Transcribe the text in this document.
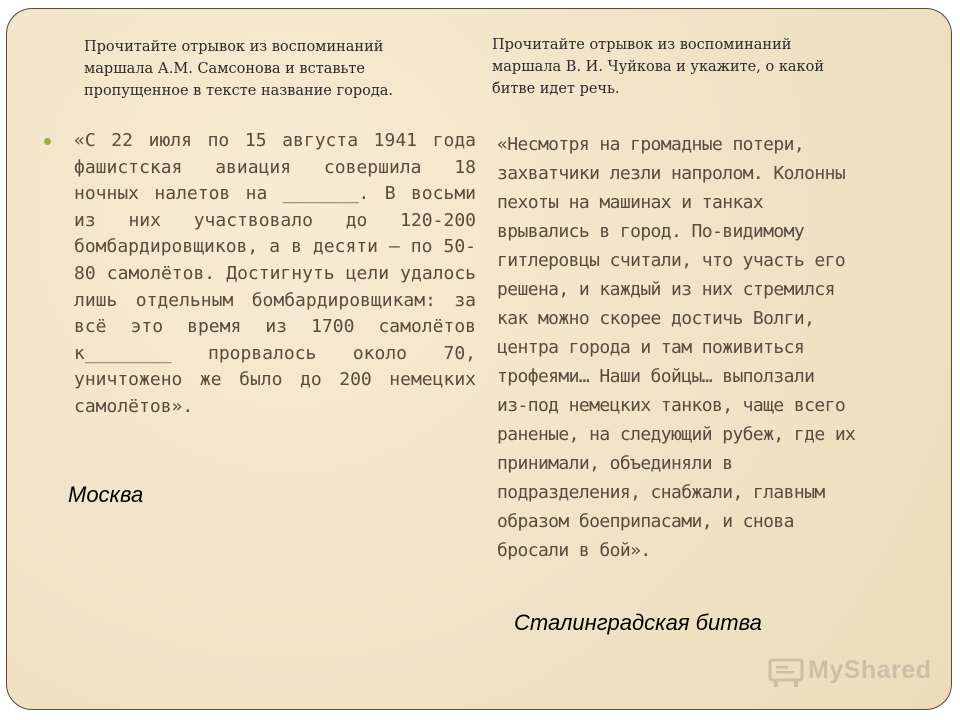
Прочитайте отрывок из воспоминаний
маршала А.М. Самсонова и вставьте
пропущенное в тексте название города.
Прочитайте отрывок из воспоминаний
маршала В. И. Чуйкова и укажите, о какой
битве идет речь.
«С 22 июля по 15 августа 1941 года фашистская авиация совершила 18 ночных налетов на _______. В восьми из них участвовало до 120-200 бомбардировщиков, а в десяти – по 50-80 самолётов. Достигнуть цели удалось лишь отдельным бомбардировщикам: за всё это время из 1700 самолётов к________ прорвалось около 70, уничтожено же было до 200 немецких самолётов».
«Несмотря на громадные потери,
захватчики лезли напролом. Колонны
пехоты на машинах и танках
врывались в город. По-видимому
гитлеровцы считали, что участь его
решена, и каждый из них стремился
как можно скорее достичь Волги,
центра города и там поживиться
трофеями… Наши бойцы… выползали
из-под немецких танков, чаще всего
раненые, на следующий рубеж, где их
принимали, объединяли в
подразделения, снабжали, главным
образом боеприпасами, и снова
бросали в бой».
Москва
Сталинградская битва
MyShared
